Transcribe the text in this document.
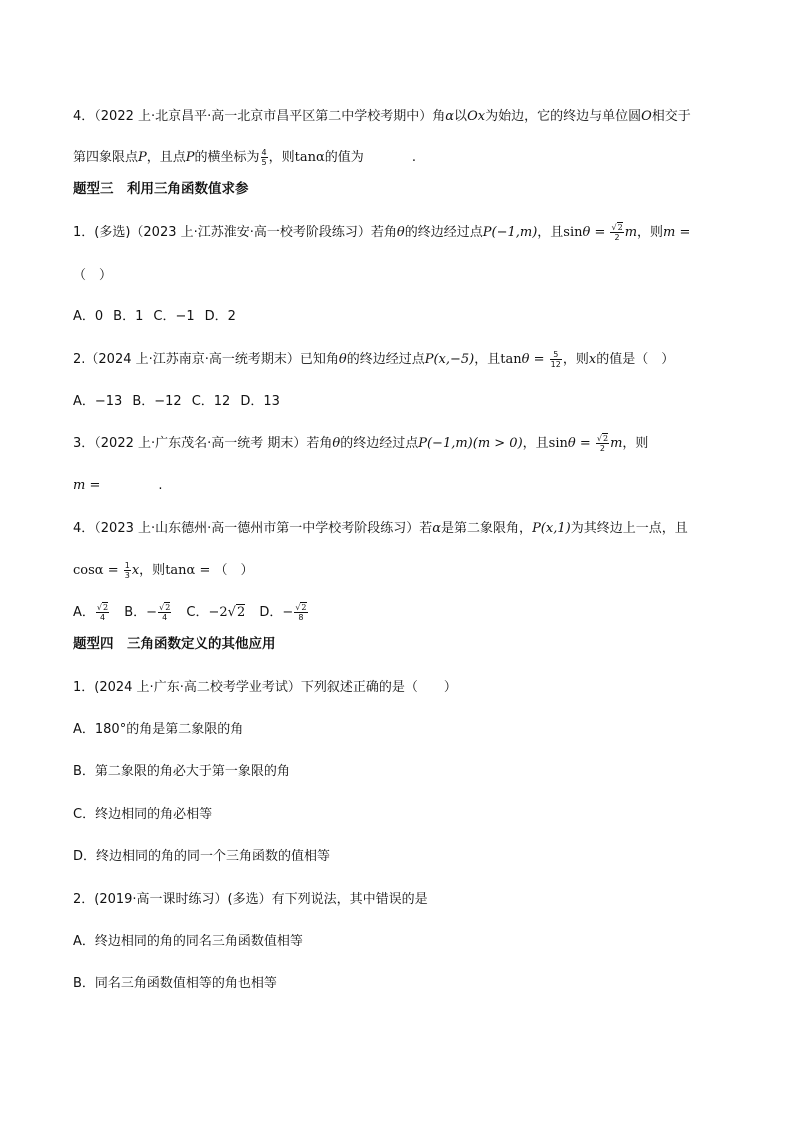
4．（2022 上·北京昌平·高一北京市昌平区第二中学校考期中）角α以Ox为始边，它的终边与单位圆O相交于
第四象限点P，且点P的横坐标为 $\frac{4}{5}$ ，则tanα的值为	.
题型三　利用三角函数值求参
1．(多选)（2023 上·江苏淮安·高一校考阶段练习）若角θ的终边经过点P(−1,m)，且$\sin\theta = \frac{√2}{2}$ m，则m =
（　）
A．0 B．1 C．−1 D．2
2.（2024 上·江苏南京·高一统考期末）已知角θ的终边经过点P(x,−5)，且$\tan\theta = \frac{5}{12}$ ，则x的值是（　）
A．−13 B．−12 C．12 D．13
3．（2022 上·广东茂名·高一统考 期末）若角θ的终边经过点P(−1,m)(m > 0)，且$\sin\theta = \frac{√2}{2}$ m，则
m =	.
4．（2023 上·山东德州·高一德州市第一中学校考阶段练习）若α是第二象限角，P(x,1)为其终边上一点，且
$\cos\alpha = \frac{1}{3}$ x，则tanα = （　）
A． $\frac{√2}{4}$ B．− $\frac{√2}{4}$ C．−2√2 D．− $\frac{√2}{8}$
题型四　三角函数定义的其他应用
1．(2024 上·广东·高二校考学业考试）下列叙述正确的是（　　）
A．180°的角是第二象限的角
B．第二象限的角必大于第一象限的角
C．终边相同的角必相等
D．终边相同的角的同一个三角函数的值相等
2．(2019·高一课时练习）(多选）有下列说法，其中错误的是
A．终边相同的角的同名三角函数值相等
B．同名三角函数值相等的角也相等
